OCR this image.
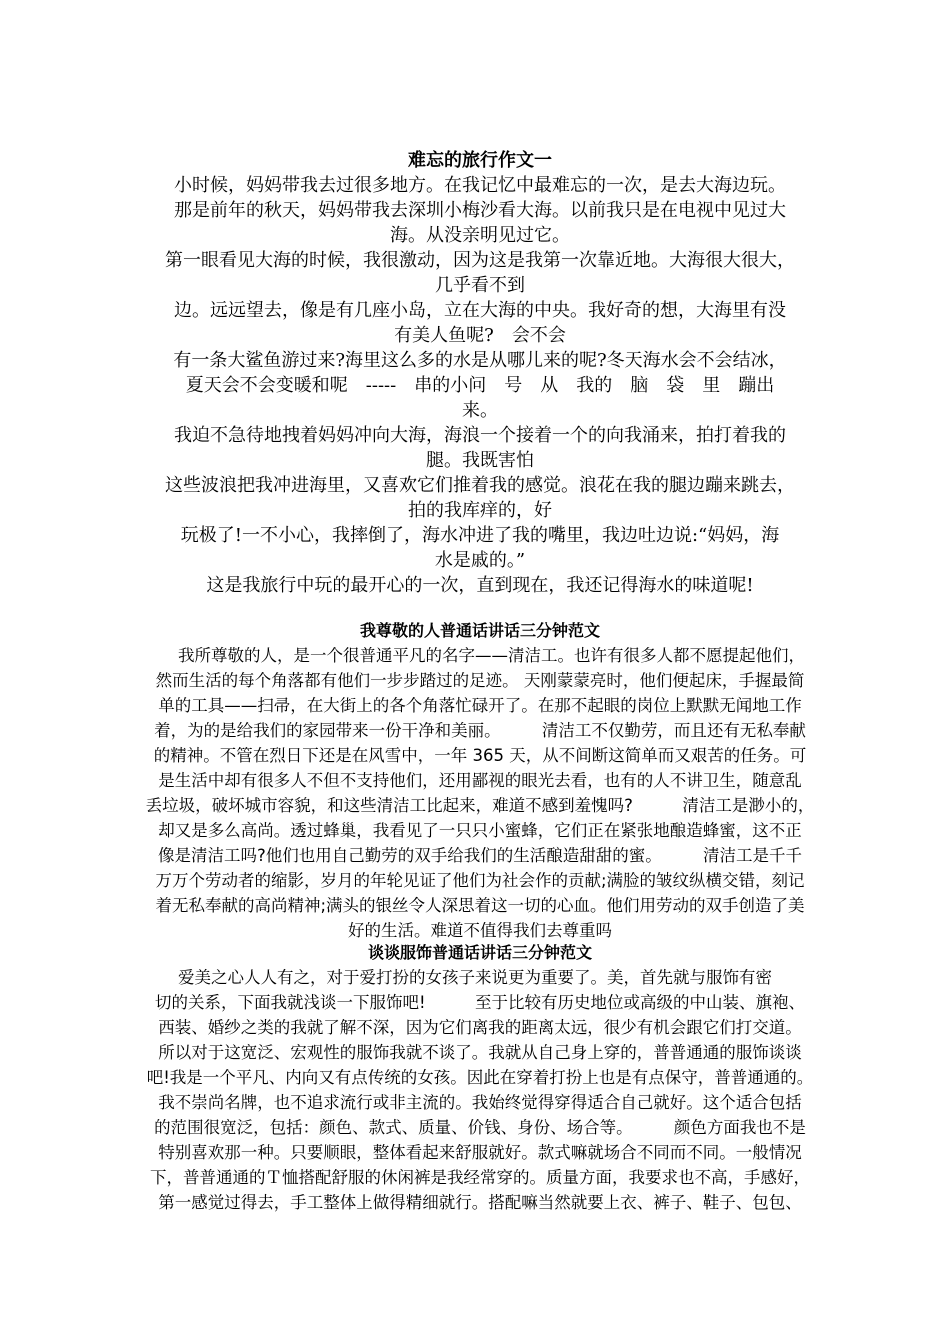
难忘的旅行作文一
小时候，妈妈带我去过很多地方。在我记忆中最难忘的一次，是去大海边玩。
那是前年的秋天，妈妈带我去深圳小梅沙看大海。以前我只是在电视中见过大
海。从没亲明见过它。
第一眼看见大海的时候，我很激动，因为这是我第一次靠近地。大海很大很大，
几乎看不到
边。远远望去，像是有几座小岛，立在大海的中央。我好奇的想，大海里有没
有美人鱼呢?　会不会
有一条大鲨鱼游过来?海里这么多的水是从哪儿来的呢?冬天海水会不会结冰，
夏天会不会变暖和呢　-----　串的小问　号　从　我的　脑　袋　里　蹦出
来。
我迫不急待地拽着妈妈冲向大海，海浪一个接着一个的向我涌来，拍打着我的
腿。我既害怕
这些波浪把我冲进海里，又喜欢它们推着我的感觉。浪花在我的腿边蹦来跳去，
拍的我库痒的，好
玩极了!一不小心，我摔倒了，海水冲进了我的嘴里，我边吐边说:“妈妈，海
水是戚的。”
这是我旅行中玩的最开心的一次，直到现在，我还记得海水的味道呢!
我尊敬的人普通话讲话三分钟范文
　　我所尊敬的人，是一个很普通平凡的名字——清洁工。也许有很多人都不愿提起他们，
然而生活的每个角落都有他们一步步踏过的足迹。 天刚蒙蒙亮时，他们便起床，手握最简
单的工具——扫帚，在大街上的各个角落忙碌开了。在那不起眼的岗位上默默无闻地工作
着，为的是给我们的家园带来一份干净和美丽。　　　清洁工不仅勤劳，而且还有无私奉献
的精神。不管在烈日下还是在风雪中，一年 365 天，从不间断这简单而又艰苦的任务。可
是生活中却有很多人不但不支持他们，还用鄙视的眼光去看，也有的人不讲卫生，随意乱
丢垃圾，破坏城市容貌，和这些清洁工比起来，难道不感到羞愧吗?　　　清洁工是渺小的，
却又是多么高尚。透过蜂巢，我看见了一只只小蜜蜂，它们正在紧张地酿造蜂蜜，这不正
像是清洁工吗?他们也用自己勤劳的双手给我们的生活酿造甜甜的蜜。　　　清洁工是千千
万万个劳动者的缩影，岁月的年轮见证了他们为社会作的贡献;满脸的皱纹纵横交错，刻记
着无私奉献的高尚精神;满头的银丝令人深思着这一切的心血。他们用劳动的双手创造了美
好的生活。难道不值得我们去尊重吗
谈谈服饰普通话讲话三分钟范文
　　爱美之心人人有之，对于爱打扮的女孩子来说更为重要了。美，首先就与服饰有密
切的关系，下面我就浅谈一下服饰吧!　　　至于比较有历史地位或高级的中山装、旗袍、
西装、婚纱之类的我就了解不深，因为它们离我的距离太远，很少有机会跟它们打交道。
所以对于这宽泛、宏观性的服饰我就不谈了。我就从自己身上穿的，普普通通的服饰谈谈
吧!我是一个平凡、内向又有点传统的女孩。因此在穿着打扮上也是有点保守，普普通通的。
我不崇尚名牌，也不追求流行或非主流的。我始终觉得穿得适合自己就好。这个适合包括
的范围很宽泛，包括：颜色、款式、质量、价钱、身份、场合等。　　　颜色方面我也不是
特别喜欢那一种。只要顺眼，整体看起来舒服就好。款式嘛就场合不同而不同。一般情况
下，普普通通的Ｔ恤搭配舒服的休闲裤是我经常穿的。质量方面，我要求也不高，手感好，
第一感觉过得去，手工整体上做得精细就行。搭配嘛当然就要上衣、裤子、鞋子、包包、
